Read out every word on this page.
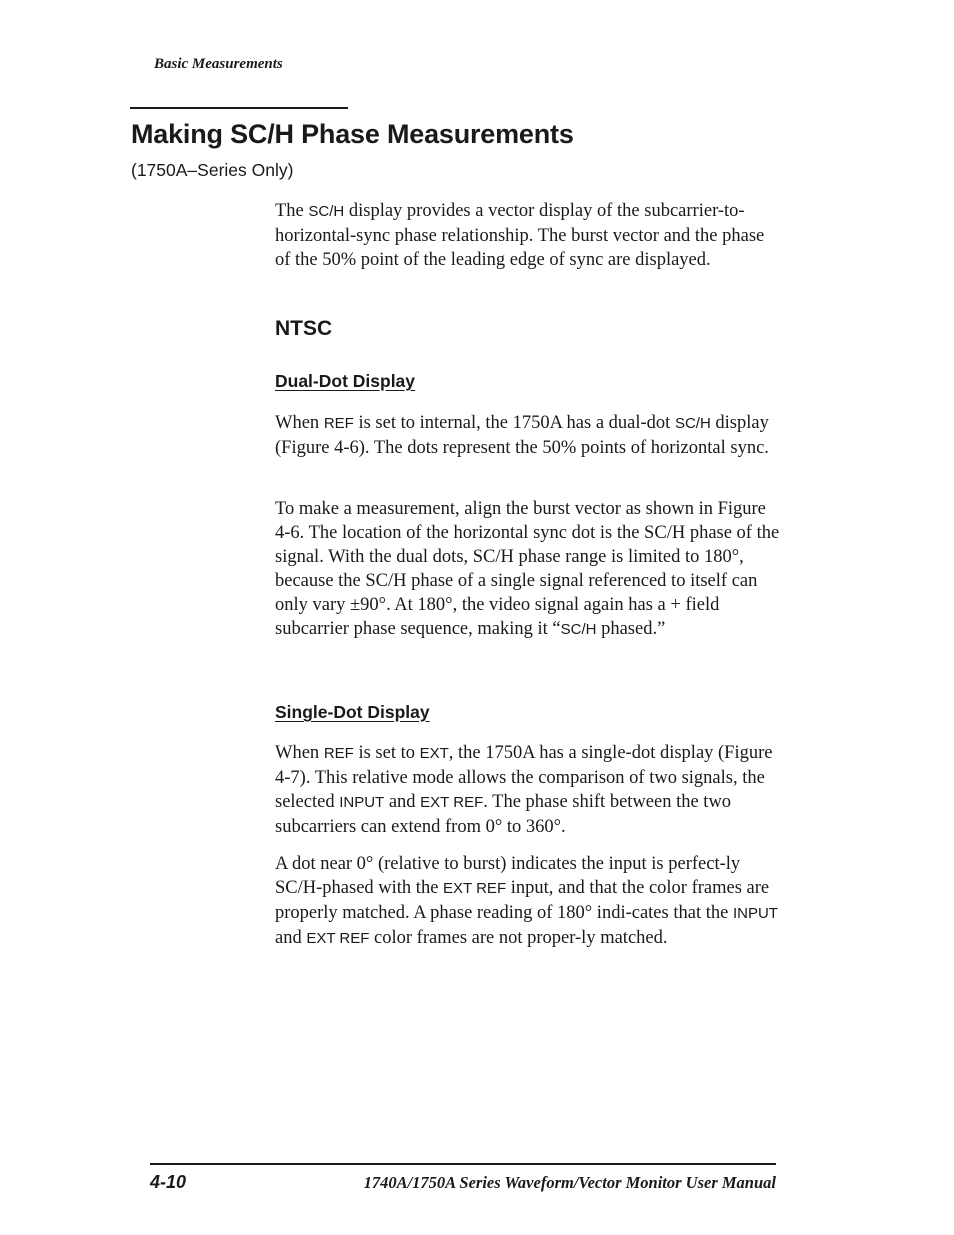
Basic Measurements
Making SC/H Phase Measurements
(1750A–Series Only)

The SC/H display provides a vector display of the subcarrier-to-horizontal-sync phase relationship. The burst vector and the phase of the 50% point of the leading edge of sync are displayed.

NTSC
Dual-Dot Display

When REF is set to internal, the 1750A has a dual-dot SC/H display (Figure 4-6). The dots represent the 50% points of horizontal sync.

To make a measurement, align the burst vector as shown in Figure 4-6. The location of the horizontal sync dot is the SC/H phase of the signal. With the dual dots, SC/H phase range is limited to 180°, because the SC/H phase of a single signal referenced to itself can only vary ±90°. At 180°, the video signal again has a + field subcarrier phase sequence, making it “SC/H phased.”

Single-Dot Display

When REF is set to EXT, the 1750A has a single-dot display (Figure 4-7). This relative mode allows the comparison of two signals, the selected INPUT and EXT REF. The phase shift between the two subcarriers can extend from 0° to 360°.

A dot near 0° (relative to burst) indicates the input is perfect-ly SC/H-phased with the EXT REF input, and that the color frames are properly matched. A phase reading of 180° indi-cates that the INPUT and EXT REF color frames are not proper-ly matched.

4-10	1740A/1750A Series Waveform/Vector Monitor User Manual
